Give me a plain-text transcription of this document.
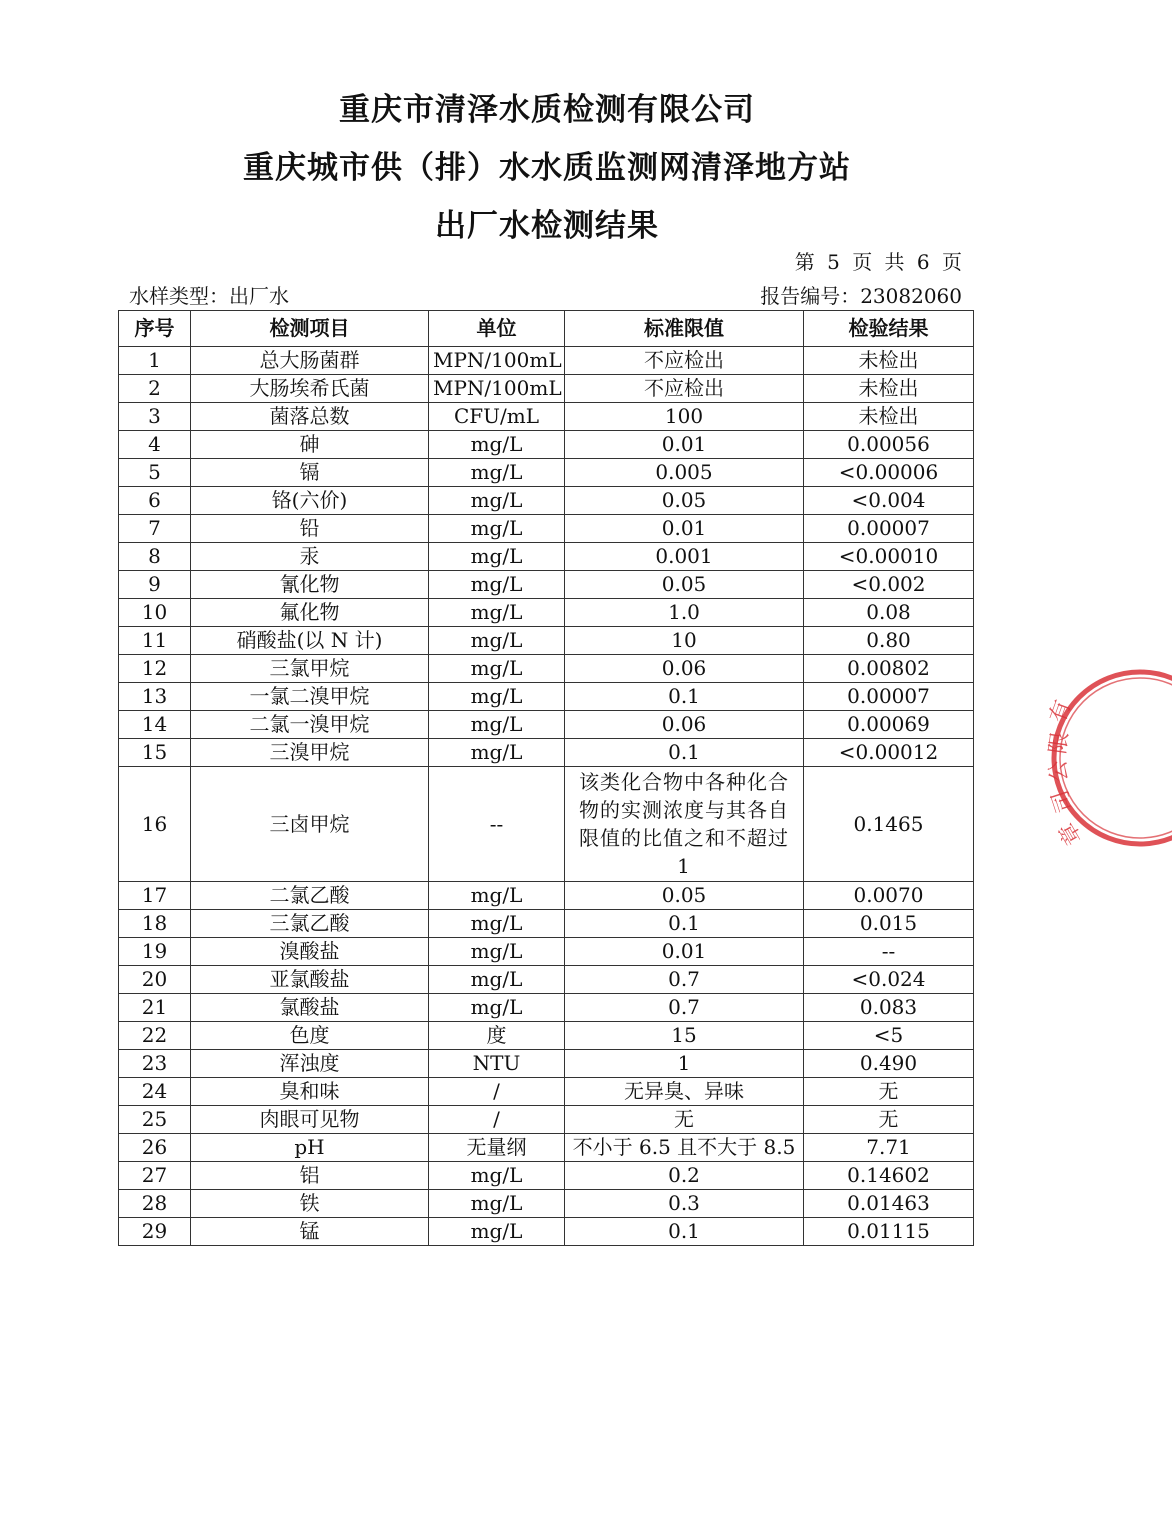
重庆市清泽水质检测有限公司
重庆城市供（排）水水质监测网清泽地方站
出厂水检测结果
第 5 页 共 6 页
水样类型：出厂水	报告编号：23082060
序号	检测项目	单位	标准限值	检验结果
1	总大肠菌群	MPN/100mL	不应检出	未检出
2	大肠埃希氏菌	MPN/100mL	不应检出	未检出
3	菌落总数	CFU/mL	100	未检出
4	砷	mg/L	0.01	0.00056
5	镉	mg/L	0.005	<0.00006
6	铬(六价)	mg/L	0.05	<0.004
7	铅	mg/L	0.01	0.00007
8	汞	mg/L	0.001	<0.00010
9	氰化物	mg/L	0.05	<0.002
10	氟化物	mg/L	1.0	0.08
11	硝酸盐(以 N 计)	mg/L	10	0.80
12	三氯甲烷	mg/L	0.06	0.00802
13	一氯二溴甲烷	mg/L	0.1	0.00007
14	二氯一溴甲烷	mg/L	0.06	0.00069
15	三溴甲烷	mg/L	0.1	<0.00012
16	三卤甲烷	--	该类化合物中各种化合物的实测浓度与其各自限值的比值之和不超过1	0.1465
17	二氯乙酸	mg/L	0.05	0.0070
18	三氯乙酸	mg/L	0.1	0.015
19	溴酸盐	mg/L	0.01	--
20	亚氯酸盐	mg/L	0.7	<0.024
21	氯酸盐	mg/L	0.7	0.083
22	色度	度	15	<5
23	浑浊度	NTU	1	0.490
24	臭和味	/	无异臭、异味	无
25	肉眼可见物	/	无	无
26	pH	无量纲	不小于 6.5 且不大于 8.5	7.71
27	铝	mg/L	0.2	0.14602
28	铁	mg/L	0.3	0.01463
29	锰	mg/L	0.1	0.01115
有
限
公
司
章
